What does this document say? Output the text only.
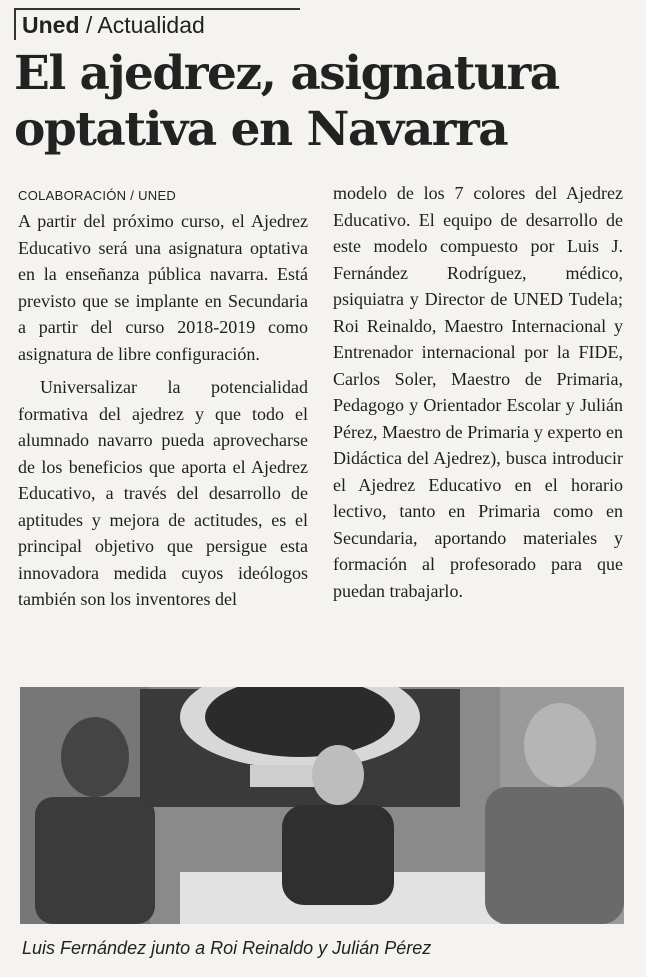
Uned / Actualidad
El ajedrez, asignatura
optativa en Navarra
COLABORACIÓN / UNED

A partir del próximo curso, el Ajedrez Educativo será una asignatura optativa en la enseñanza pública navarra. Está previsto que se implante en Secundaria a partir del curso 2018-2019 como asignatura de libre configuración.

Universalizar la potencialidad formativa del ajedrez y que todo el alumnado navarro pueda aprovecharse de los beneficios que aporta el Ajedrez Educativo, a través del desarrollo de aptitudes y mejora de actitudes, es el principal objetivo que persigue esta innovadora medida cuyos ideólogos también son los inventores del

modelo de los 7 colores del Ajedrez Educativo. El equipo de desarrollo de este modelo compuesto por Luis J. Fernández Rodríguez, médico, psiquiatra y Director de UNED Tudela; Roi Reinaldo, Maestro Internacional y Entrenador internacional por la FIDE, Carlos Soler, Maestro de Primaria, Pedagogo y Orientador Escolar y Julián Pérez, Maestro de Primaria y experto en Didáctica del Ajedrez), busca introducir el Ajedrez Educativo en el horario lectivo, tanto en Primaria como en Secundaria, aportando materiales y formación al profesorado para que puedan trabajarlo.

Luis Fernández junto a Roi Reinaldo y Julián Pérez
